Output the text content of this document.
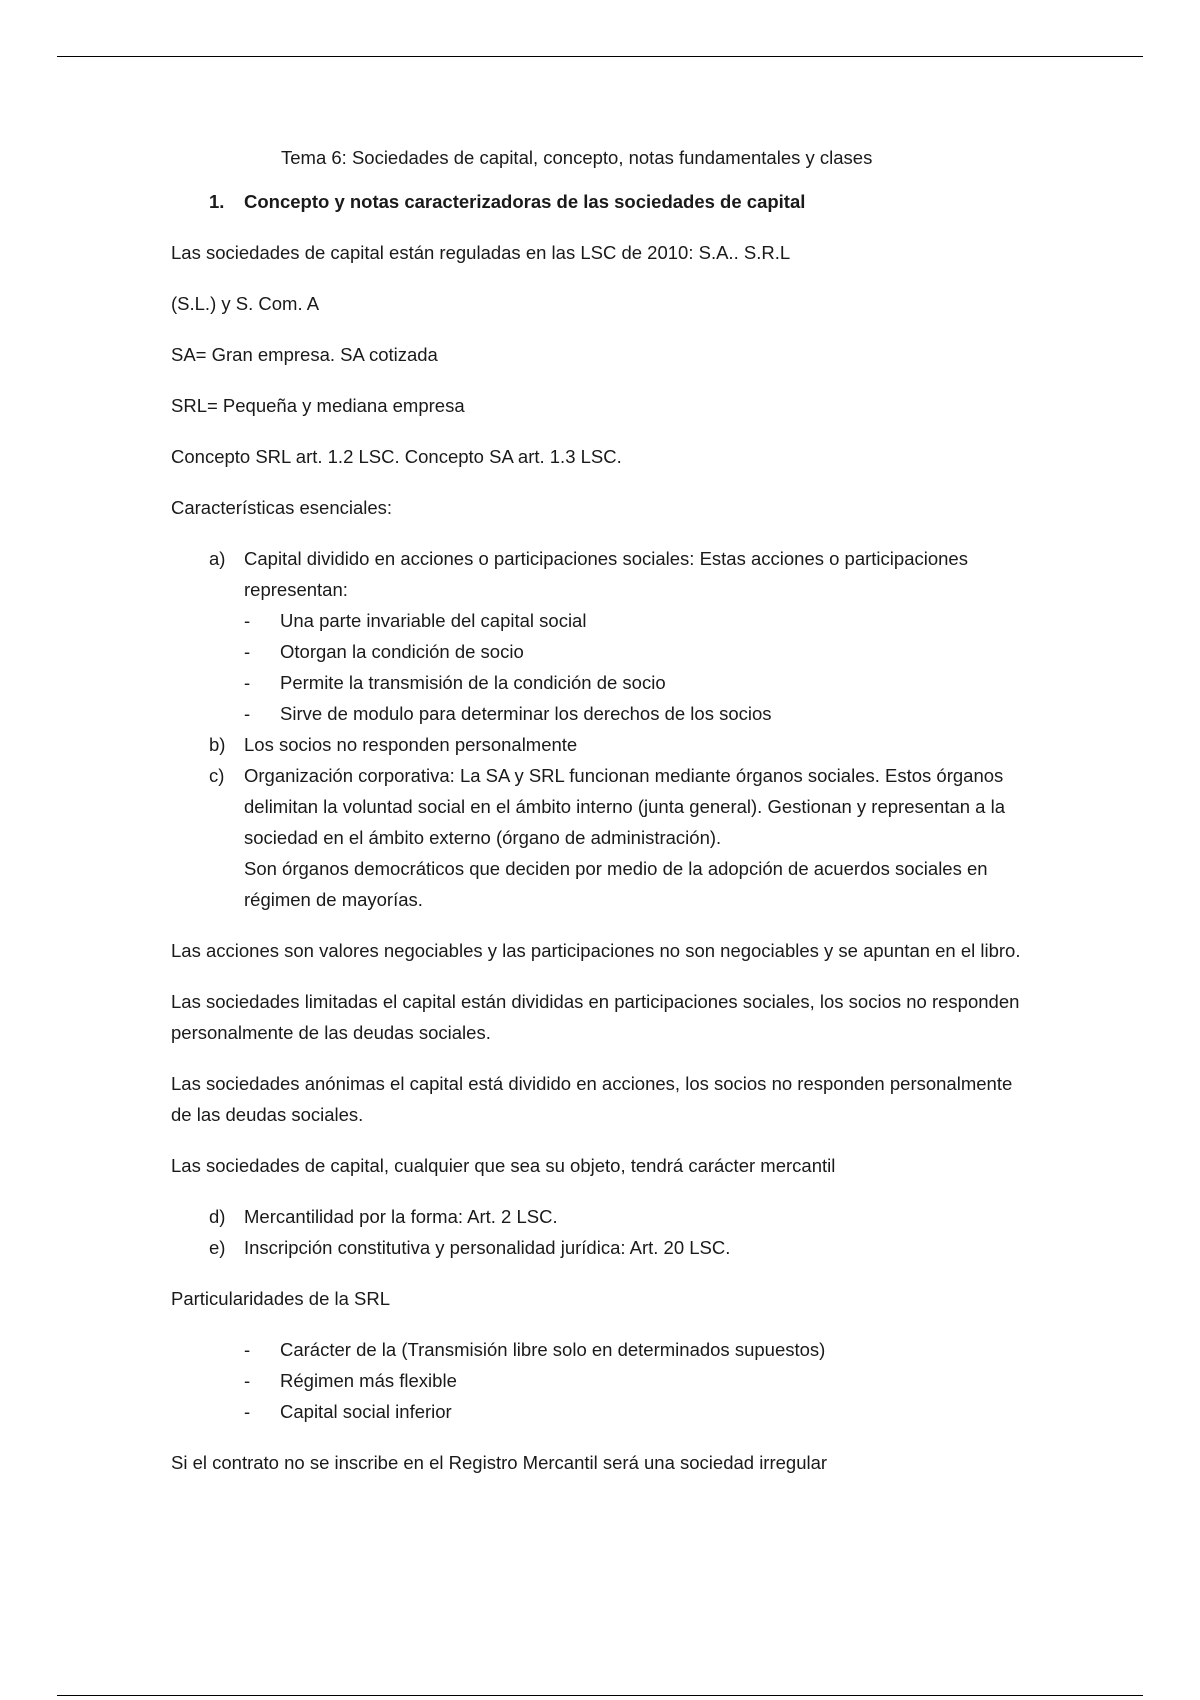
Tema 6: Sociedades de capital, concepto, notas fundamentales y clases

1.	Concepto y notas caracterizadoras de las sociedades de capital

Las sociedades de capital están reguladas en las LSC de 2010: S.A.. S.R.L

(S.L.) y S. Com. A

SA= Gran empresa. SA cotizada

SRL= Pequeña y mediana empresa

Concepto SRL art. 1.2 LSC. Concepto SA art. 1.3 LSC.

Características esenciales:

a)	Capital dividido en acciones o participaciones sociales: Estas acciones o participaciones representan:
-	Una parte invariable del capital social
-	Otorgan la condición de socio
-	Permite la transmisión de la condición de socio
-	Sirve de modulo para determinar los derechos de los socios
b)	Los socios no responden personalmente
c)	Organización corporativa: La SA y SRL funcionan mediante órganos sociales. Estos órganos delimitan la voluntad social en el ámbito interno (junta general). Gestionan y representan a la sociedad en el ámbito externo (órgano de administración).
Son órganos democráticos que deciden por medio de la adopción de acuerdos sociales en régimen de mayorías.

Las acciones son valores negociables y las participaciones no son negociables y se apuntan en el libro.

Las sociedades limitadas el capital están divididas en participaciones sociales, los socios no responden personalmente de las deudas sociales.

Las sociedades anónimas el capital está dividido en acciones, los socios no responden personalmente de las deudas sociales.

Las sociedades de capital, cualquier que sea su objeto, tendrá carácter mercantil

d)	Mercantilidad por la forma: Art. 2 LSC.
e)	Inscripción constitutiva y personalidad jurídica: Art. 20 LSC.

Particularidades de la SRL

-	Carácter de la (Transmisión libre solo en determinados supuestos)
-	Régimen más flexible
-	Capital social inferior

Si el contrato no se inscribe en el Registro Mercantil será una sociedad irregular
